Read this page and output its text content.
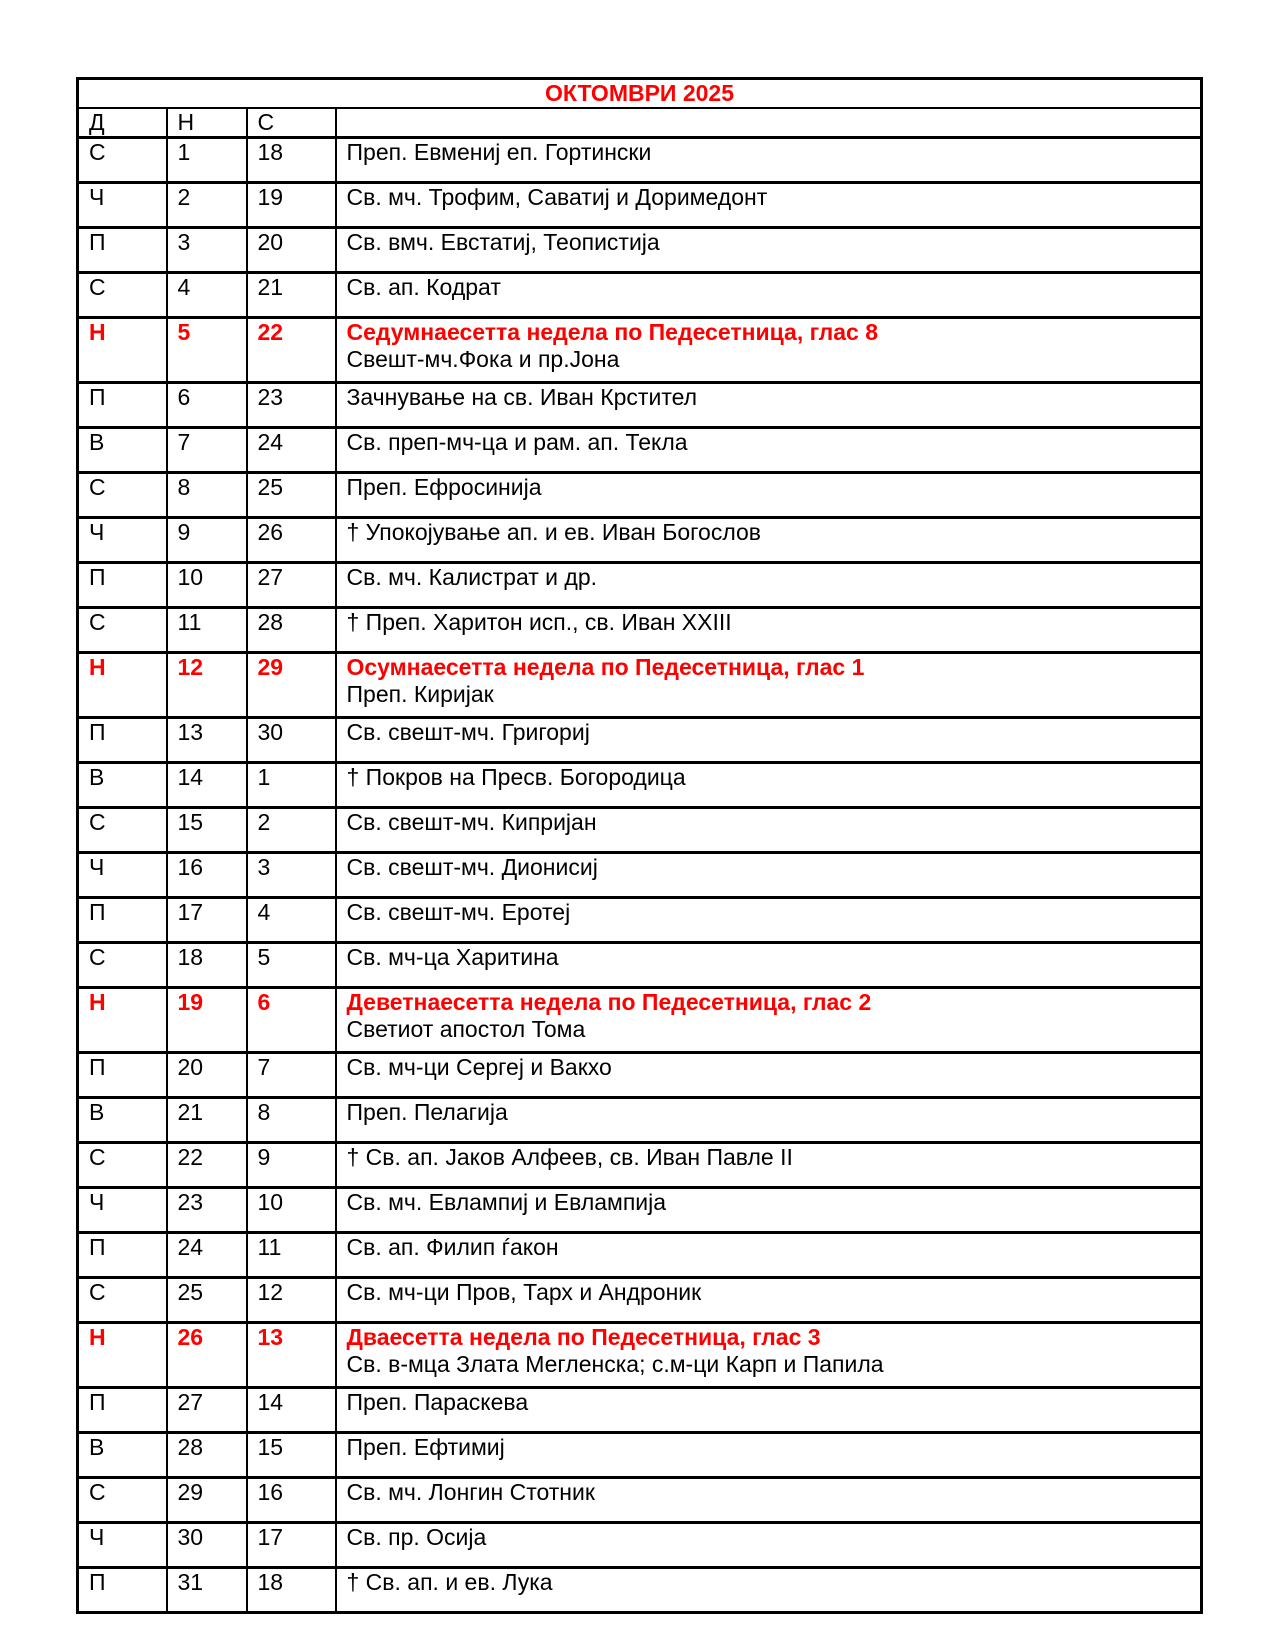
ОКТОМВРИ 2025			
Д	Н	С	
С	1	18	Преп. Евмениј еп. Гортински
Ч	2	19	Св. мч. Трофим, Саватиј и Доримедонт
П	3	20	Св. вмч. Евстатиј, Теопистија
С	4	21	Св. ап. Кодрат
Н	5	22	Седумнаесетта недела по Педесетница, глас 8
Свешт-мч.Фока и пр.Јона

П	6	23	Зачнување на св. Иван Крстител
В	7	24	Св. преп-мч-ца и рам. ап. Текла
С	8	25	Преп. Ефросинија
Ч	9	26	† Упокојување ап. и ев. Иван Богослов
П	10	27	Св. мч. Калистрат и др.
С	11	28	† Преп. Харитон исп., св. Иван XXIII
Н	12	29	Осумнаесетта недела по Педесетница, глас 1
Преп. Киријак

П	13	30	Св. свешт-мч. Григориј
В	14	1	† Покров на Пресв. Богородица
С	15	2	Св. свешт-мч. Кипријан
Ч	16	3	Св. свешт-мч. Дионисиј
П	17	4	Св. свешт-мч. Еротеј
С	18	5	Св. мч-ца Харитина
Н	19	6	Деветнаесетта недела по Педесетница, глас 2
Светиот апостол Тома

П	20	7	Св. мч-ци Сергеј и Вакхо
В	21	8	Преп. Пелагија
С	22	9	† Св. ап. Јаков Алфеев, св. Иван Павле II
Ч	23	10	Св. мч. Евлампиј и Евлампија
П	24	11	Св. ап. Филип ѓакон
С	25	12	Св. мч-ци Пров, Тарх и Андроник
Н	26	13	Дваесетта недела по Педесетница, глас 3
Св. в-мца Злата Мегленска; с.м-ци Карп и Папила

П	27	14	Преп. Параскева
В	28	15	Преп. Ефтимиј
С	29	16	Св. мч. Лонгин Стотник
Ч	30	17	Св. пр. Осија
П	31	18	† Св. ап. и ев. Лука
